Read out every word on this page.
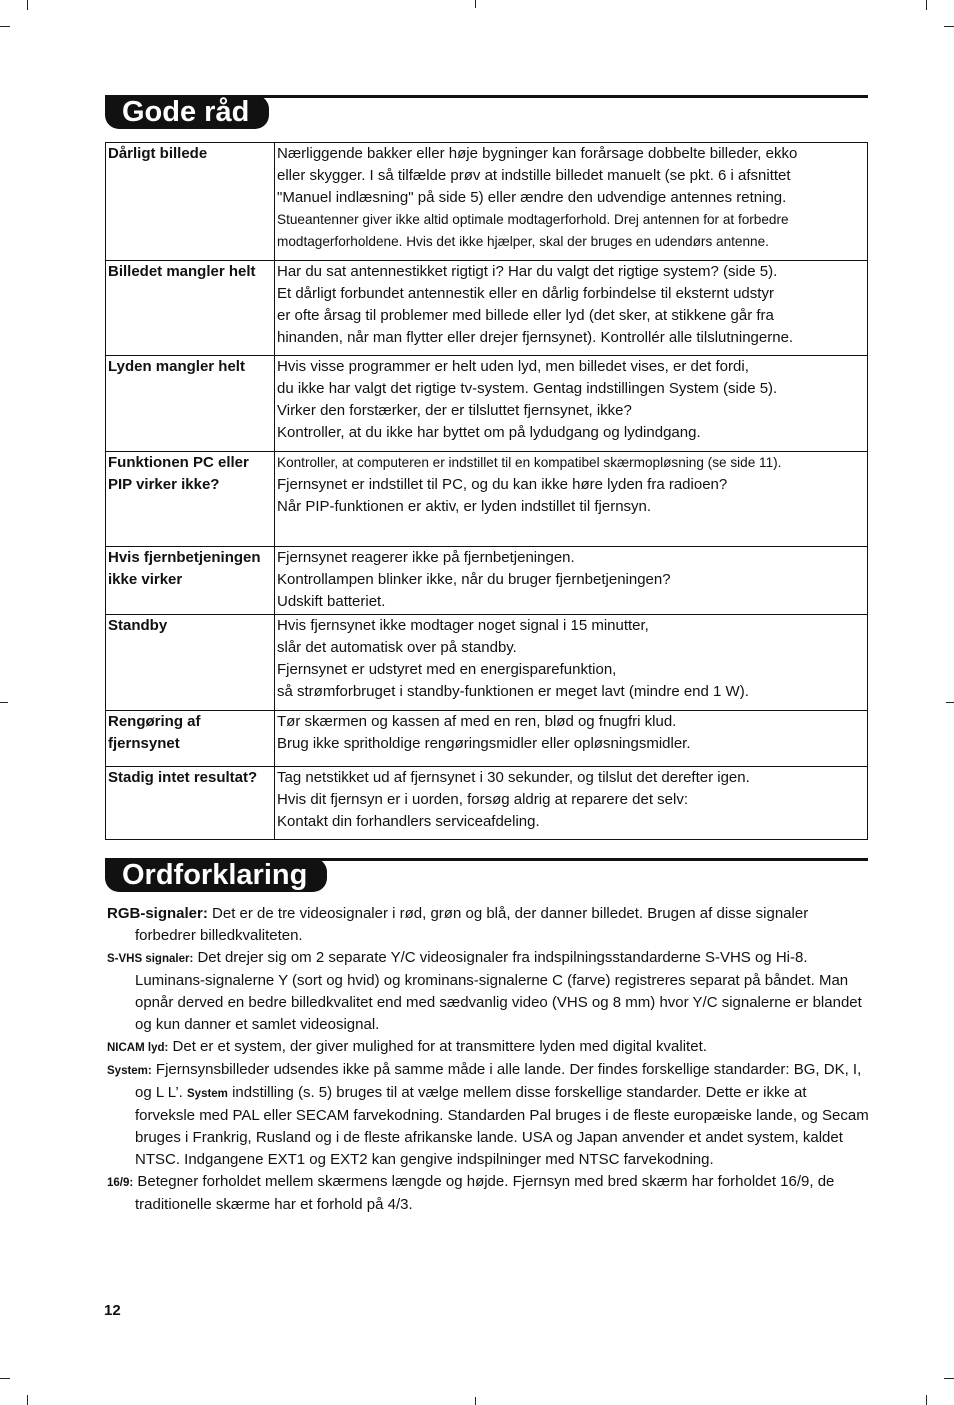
Gode råd
Dårligt billede	Nærliggende bakker eller høje bygninger kan forårsage dobbelte billeder, ekko
eller skygger. I så tilfælde prøv at indstille billedet manuelt (se pkt. 6 i afsnittet
"Manuel indlæsning" på side 5) eller ændre den udvendige antennes retning.
Stueantenner giver ikke altid optimale modtagerforhold. Drej antennen for at forbedre
modtagerforholdene. Hvis det ikke hjælper, skal der bruges en udendørs antenne.

Billedet mangler helt	Har du sat antennestikket rigtigt i? Har du valgt det rigtige system? (side 5).
Et dårligt forbundet antennestik eller en dårlig forbindelse til eksternt udstyr
er ofte årsag til problemer med billede eller lyd (det sker, at stikkene går fra
hinanden, når man flytter eller drejer fjernsynet). Kontrollér alle tilslutningerne.

Lyden mangler helt	Hvis visse programmer er helt uden lyd, men billedet vises, er det fordi,
du ikke har valgt det rigtige tv-system. Gentag indstillingen System (side 5).
Virker den forstærker, der er tilsluttet fjernsynet, ikke?
Kontroller, at du ikke har byttet om på lydudgang og lydindgang.

Funktionen PC eller PIP virker ikke?	Kontroller, at computeren er indstillet til en kompatibel skærmopløsning (se side 11).
Fjernsynet er indstillet til PC, og du kan ikke høre lyden fra radioen?
Når PIP-funktionen er aktiv, er lyden indstillet til fjernsyn.

Hvis fjernbetjeningen ikke virker	Fjernsynet reagerer ikke på fjernbetjeningen.
Kontrollampen blinker ikke, når du bruger fjernbetjeningen?
Udskift batteriet.

Standby	Hvis fjernsynet ikke modtager noget signal i 15 minutter,
slår det automatisk over på standby.
Fjernsynet er udstyret med en energisparefunktion,
så strømforbruget i standby-funktionen er meget lavt (mindre end 1 W).

Rengøring af fjernsynet	Tør skærmen og kassen af med en ren, blød og fnugfri klud.
Brug ikke spritholdige rengøringsmidler eller opløsningsmidler.

Stadig intet resultat?	Tag netstikket ud af fjernsynet i 30 sekunder, og tilslut det derefter igen.
Hvis dit fjernsyn er i uorden, forsøg aldrig at reparere det selv:
Kontakt din forhandlers serviceafdeling.
Ordforklaring

RGB-signaler: Det er de tre videosignaler i rød, grøn og blå, der danner billedet. Brugen af disse signaler forbedrer billedkvaliteten.

S-VHS signaler: Det drejer sig om 2 separate Y/C videosignaler fra indspilningsstandarderne S-VHS og Hi-8. Luminans-signalerne Y (sort og hvid) og krominans-signalerne C (farve) registreres separat på båndet. Man opnår derved en bedre billedkvalitet end med sædvanlig video (VHS og 8 mm) hvor Y/C signalerne er blandet og kun danner et samlet videosignal.

NICAM lyd: Det er et system, der giver mulighed for at transmittere lyden med digital kvalitet.

System: Fjernsynsbilleder udsendes ikke på samme måde i alle lande. Der findes forskellige standarder: BG, DK, I, og L L’. System indstilling (s. 5) bruges til at vælge mellem disse forskellige standarder. Dette er ikke at forveksle med PAL eller SECAM farvekodning. Standarden Pal bruges i de fleste europæiske lande, og Secam bruges i Frankrig, Rusland og i de fleste afrikanske lande. USA og Japan anvender et andet system, kaldet NTSC. Indgangene EXT1 og EXT2 kan gengive indspilninger med NTSC farvekodning.

16/9: Betegner forholdet mellem skærmens længde og højde. Fjernsyn med bred skærm har forholdet 16/9, de traditionelle skærme har et forhold på 4/3.

12
